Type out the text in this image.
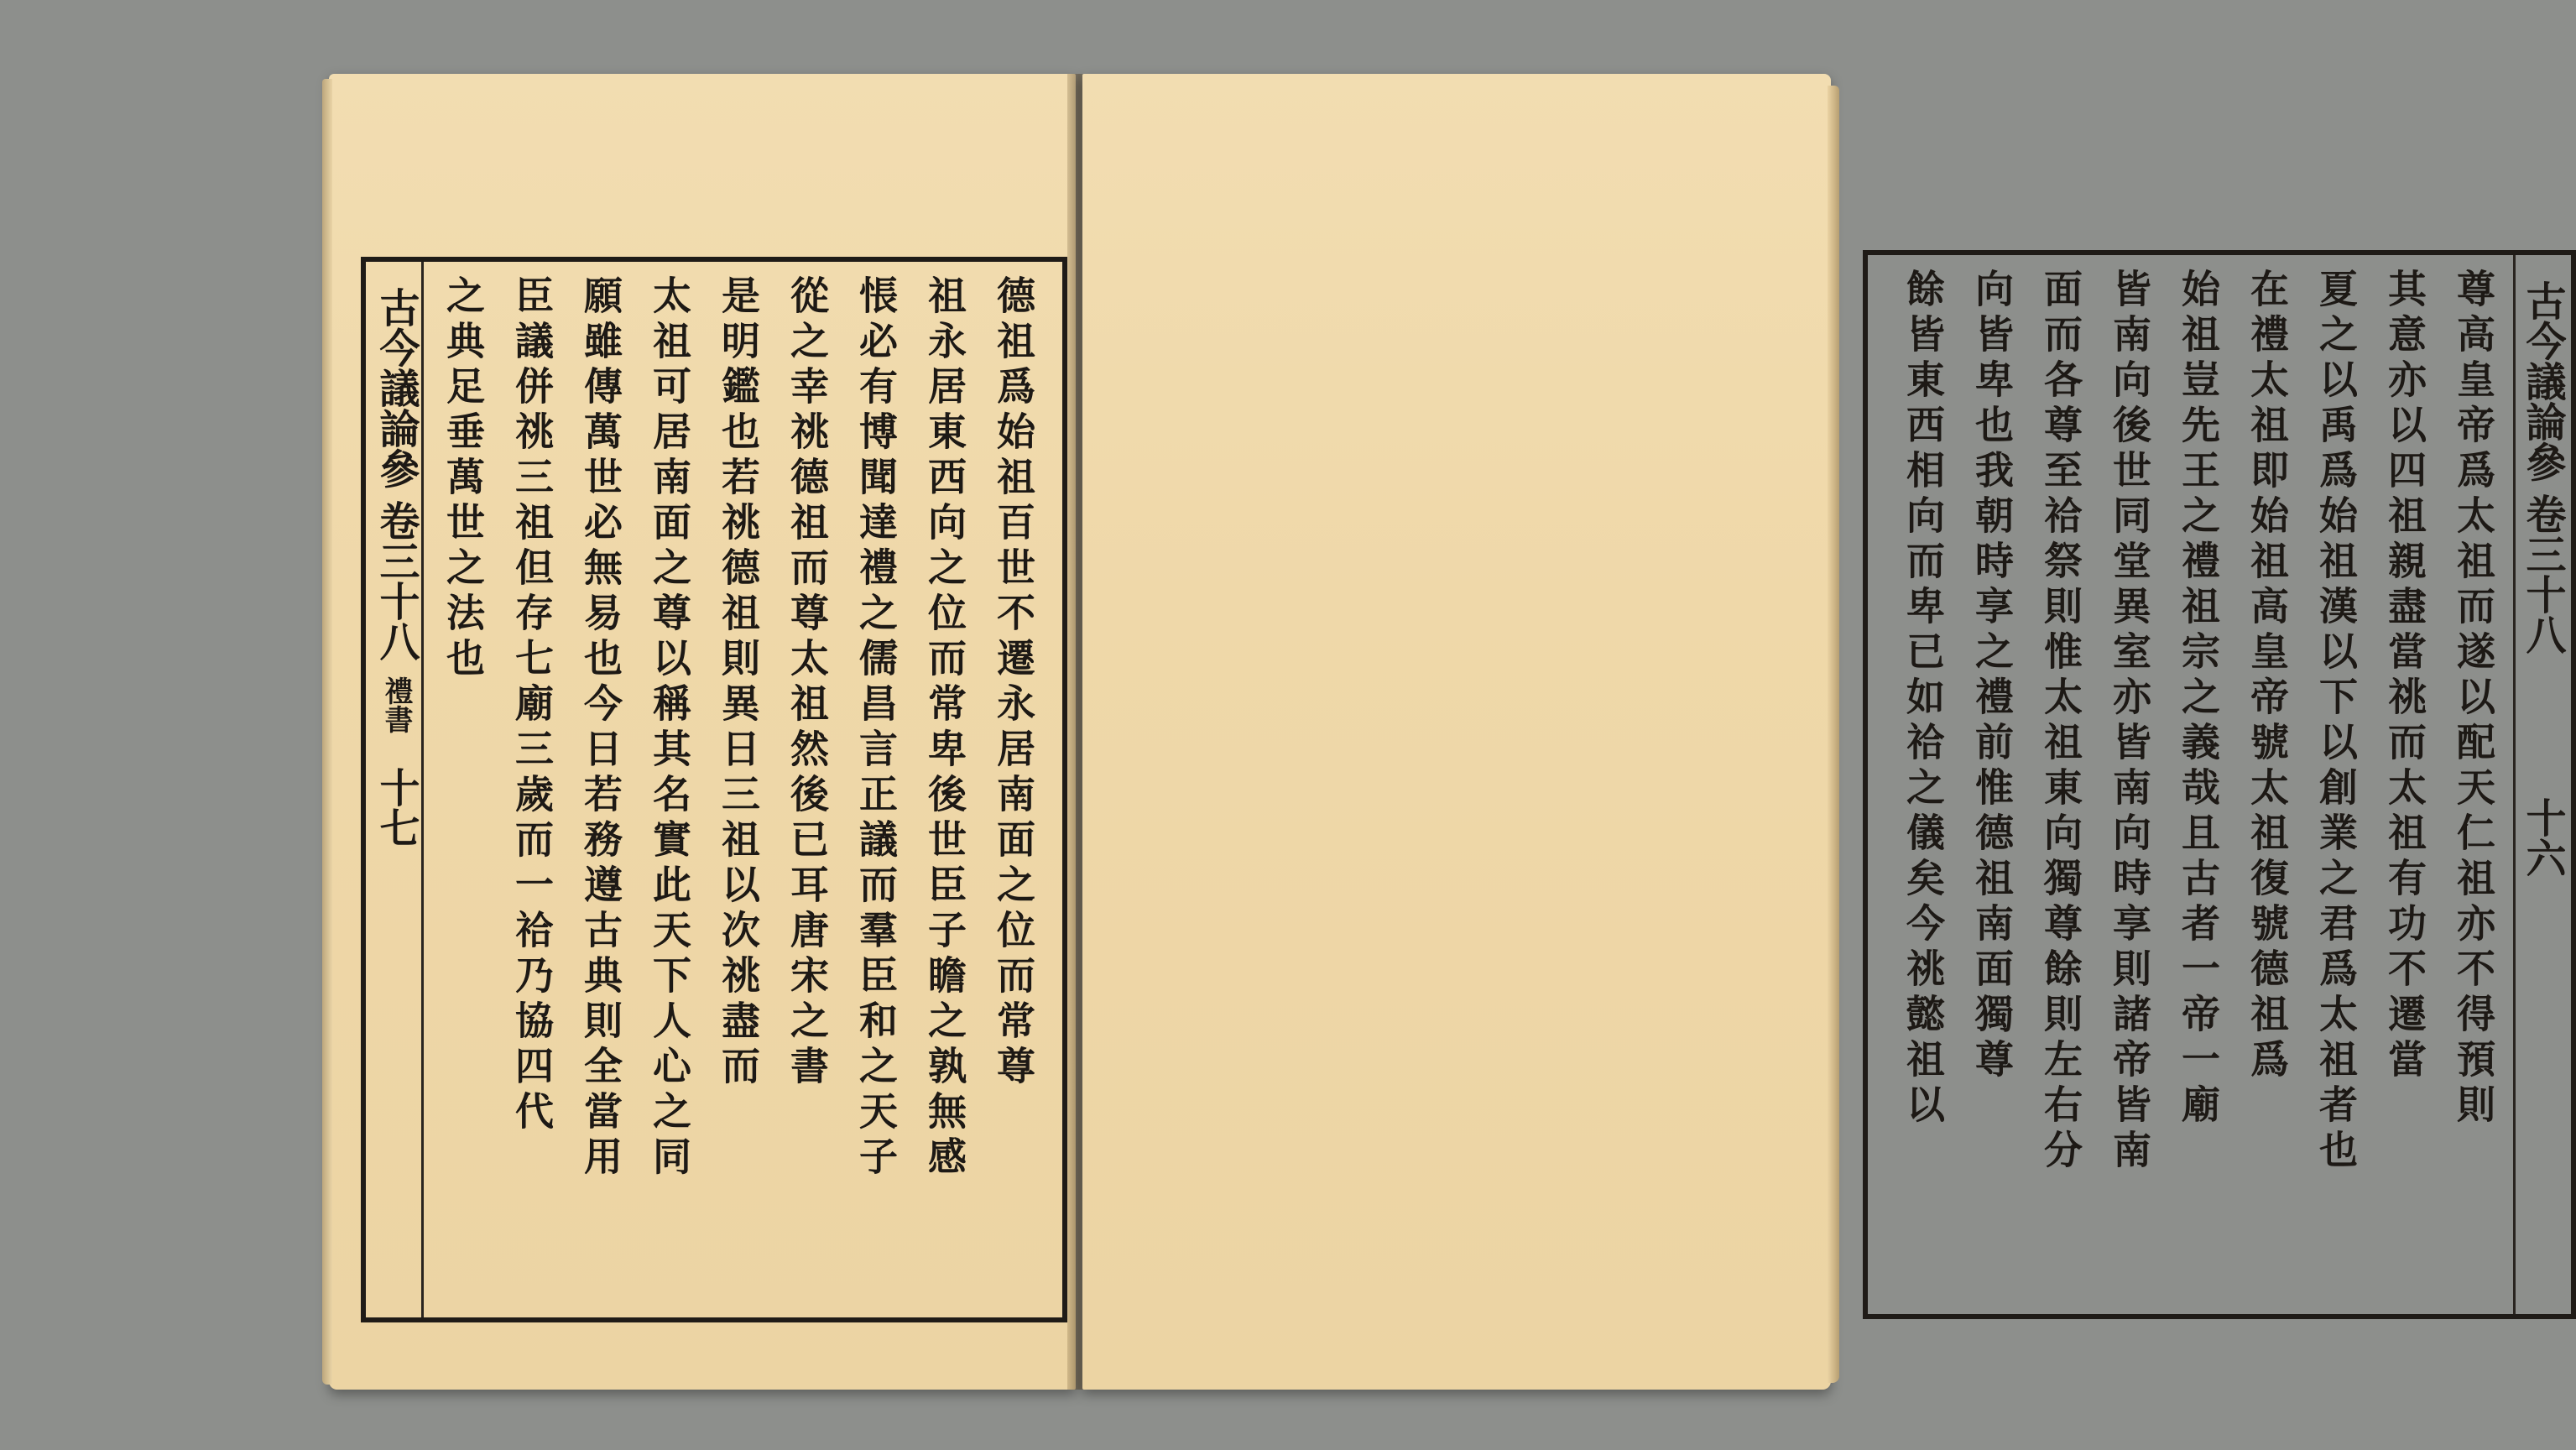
古今議論參
卷三十八
禮書
十七	德祖爲始祖百世不遷永居南面之位而常尊
祖永居東西向之位而常卑後世臣子瞻之孰無感
悵必有博聞達禮之儒昌言正議而羣臣和之天子
從之幸祧德祖而尊太祖然後已耳唐宋之書
是明鑑也若祧德祖則異日三祖以次祧盡而
太祖可居南面之尊以稱其名實此天下人心之同
願雖傳萬世必無易也今日若務遵古典則全當用
臣議併祧三祖但存七廟三歲而一祫乃協四代
之典足垂萬世之法也	古今議論參
卷三十八
十六
尊高皇帝爲太祖而遂以配天仁祖亦不得預則
其意亦以四祖親盡當祧而太祖有功不遷當
夏之以禹爲始祖漢以下以創業之君爲太祖者也
在禮太祖即始祖高皇帝號太祖復號德祖爲
始祖豈先王之禮祖宗之義哉且古者一帝一廟
皆南向後世同堂異室亦皆南向時享則諸帝皆南
面而各尊至祫祭則惟太祖東向獨尊餘則左右分
向皆卑也我朝時享之禮前惟德祖南面獨尊
餘皆東西相向而卑已如祫之儀矣今祧懿祖以
